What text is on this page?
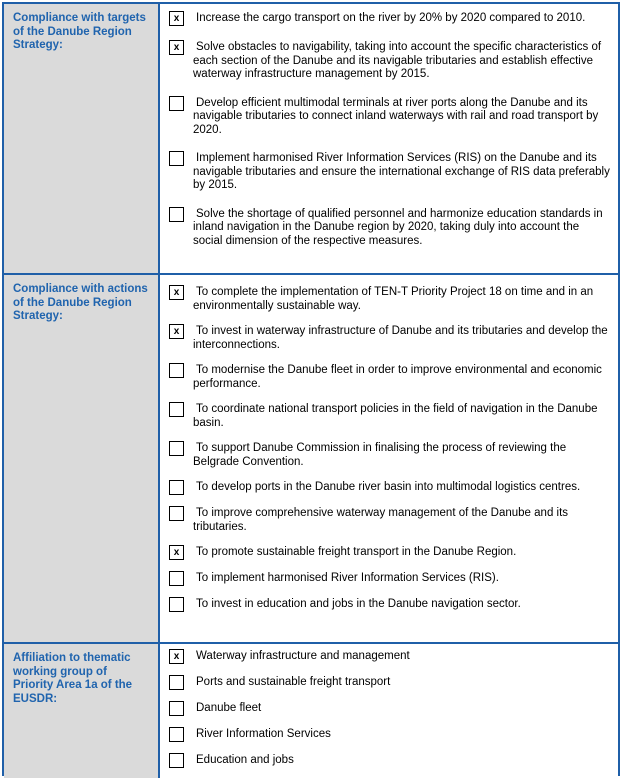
Compliance with targets of the Danube Region Strategy:
x	Increase the cargo transport on the river by 20% by 2020 compared to 2010.
x	Solve obstacles to navigability, taking into account the specific characteristics of each section of the Danube and its navigable tributaries and establish effective waterway infrastructure management by 2015.
Develop efficient multimodal terminals at river ports along the Danube and its navigable tributaries to connect inland waterways with rail and road transport by 2020.
Implement harmonised River Information Services (RIS) on the Danube and its navigable tributaries and ensure the international exchange of RIS data preferably by 2015.
Solve the shortage of qualified personnel and harmonize education standards in inland navigation in the Danube region by 2020, taking duly into account the social dimension of the respective measures.
Compliance with actions of the Danube Region Strategy:
x	To complete the implementation of TEN-T Priority Project 18 on time and in an environmentally sustainable way.
x	To invest in waterway infrastructure of Danube and its tributaries and develop the interconnections.
To modernise the Danube fleet in order to improve environmental and economic performance.
To coordinate national transport policies in the field of navigation in the Danube basin.
To support Danube Commission in finalising the process of reviewing the Belgrade Convention.
To develop ports in the Danube river basin into multimodal logistics centres.
To improve comprehensive waterway management of the Danube and its tributaries.
x	To promote sustainable freight transport in the Danube Region.
To implement harmonised River Information Services (RIS).
To invest in education and jobs in the Danube navigation sector.
Affiliation to thematic working group of Priority Area 1a of the EUSDR:
x	Waterway infrastructure and management
Ports and sustainable freight transport
Danube fleet
River Information Services
Education and jobs
